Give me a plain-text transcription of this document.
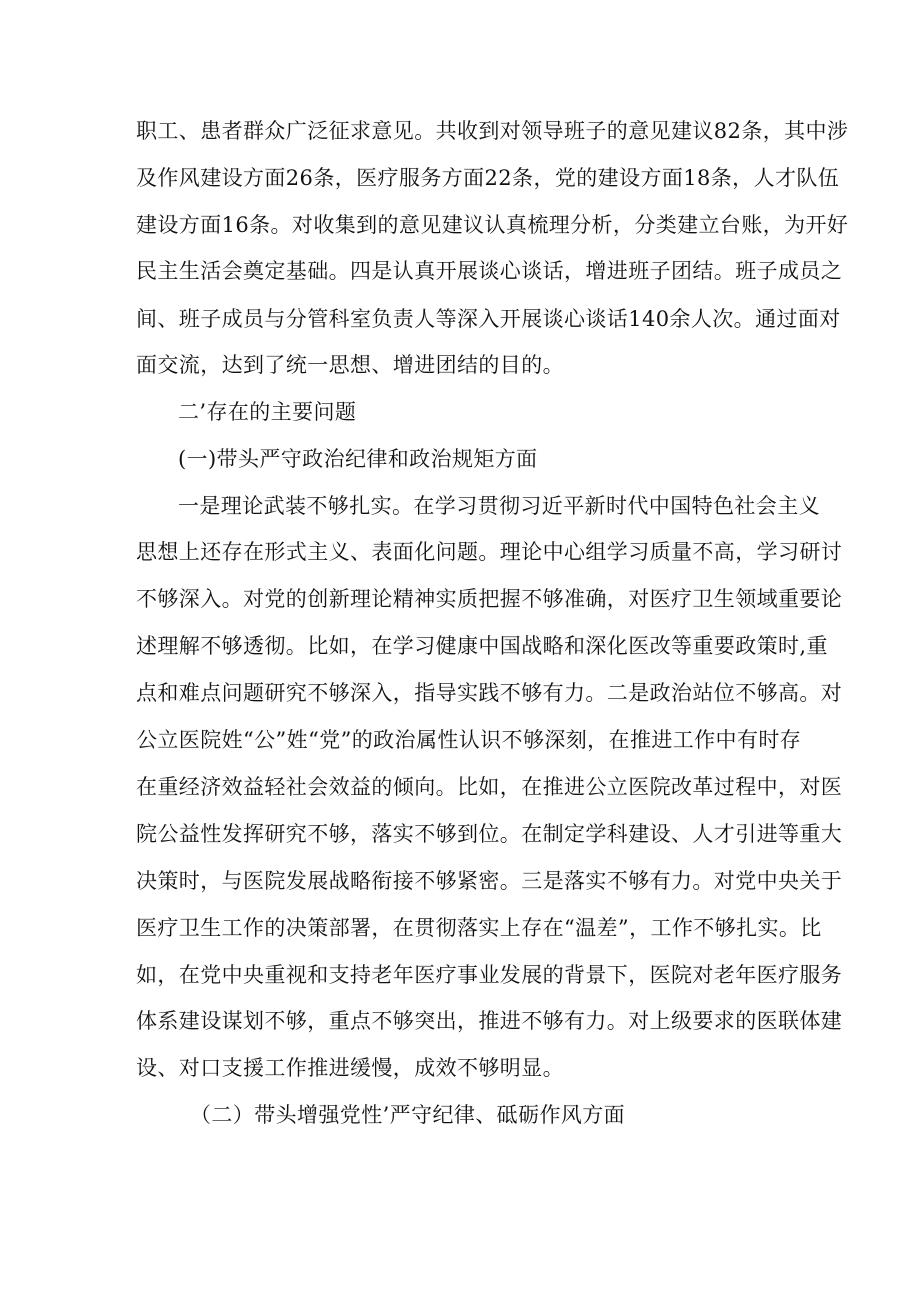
职工、患者群众广泛征求意见。共收到对领导班子的意见建议82条，其中涉
及作风建设方面26条，医疗服务方面22条，党的建设方面18条，人才队伍
建设方面16条。对收集到的意见建议认真梳理分析，分类建立台账，为开好
民主生活会奠定基础。四是认真开展谈心谈话，增进班子团结。班子成员之
间、班子成员与分管科室负责人等深入开展谈心谈话140余人次。通过面对
面交流，达到了统一思想、增进团结的目的。
二’存在的主要问题
(一)带头严守政治纪律和政治规矩方面
一是理论武装不够扎实。在学习贯彻习近平新时代中国特色社会主义
思想上还存在形式主义、表面化问题。理论中心组学习质量不高，学习研讨
不够深入。对党的创新理论精神实质把握不够准确，对医疗卫生领域重要论
述理解不够透彻。比如，在学习健康中国战略和深化医改等重要政策时,重
点和难点问题研究不够深入，指导实践不够有力。二是政治站位不够高。对
公立医院姓“公”姓“党”的政治属性认识不够深刻，在推进工作中有时存
在重经济效益轻社会效益的倾向。比如，在推进公立医院改革过程中，对医
院公益性发挥研究不够，落实不够到位。在制定学科建设、人才引进等重大
决策时，与医院发展战略衔接不够紧密。三是落实不够有力。对党中央关于
医疗卫生工作的决策部署，在贯彻落实上存在“温差”，工作不够扎实。比
如，在党中央重视和支持老年医疗事业发展的背景下，医院对老年医疗服务
体系建设谋划不够，重点不够突出，推进不够有力。对上级要求的医联体建
设、对口支援工作推进缓慢，成效不够明显。
（二）带头增强党性’严守纪律、砥砺作风方面
